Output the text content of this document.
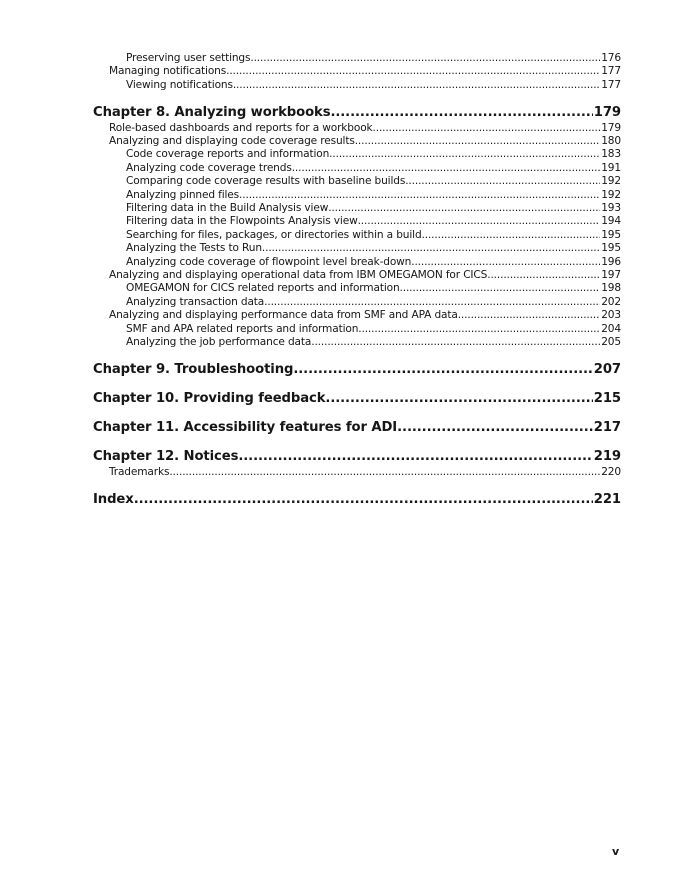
Preserving user settings .....	176
Managing notifications .....	177
Viewing notifications .....	177
Chapter 8. Analyzing workbooks .....	179
Role-based dashboards and reports for a workbook .....	179
Analyzing and displaying code coverage results .....	180
Code coverage reports and information .....	183
Analyzing code coverage trends .....	191
Comparing code coverage results with baseline builds .....	192
Analyzing pinned files .....	192
Filtering data in the Build Analysis view .....	193
Filtering data in the Flowpoints Analysis view .....	194
Searching for files, packages, or directories within a build .....	195
Analyzing the Tests to Run .....	195
Analyzing code coverage of flowpoint level break-down .....	196
Analyzing and displaying operational data from IBM OMEGAMON for CICS .....	197
OMEGAMON for CICS related reports and information .....	198
Analyzing transaction data .....	202
Analyzing and displaying performance data from SMF and APA data .....	203
SMF and APA related reports and information .....	204
Analyzing the job performance data .....	205
Chapter 9. Troubleshooting .....	207
Chapter 10. Providing feedback .....	215
Chapter 11. Accessibility features for ADI .....	217
Chapter 12. Notices .....	219
Trademarks .....	220
Index .....	221
v
